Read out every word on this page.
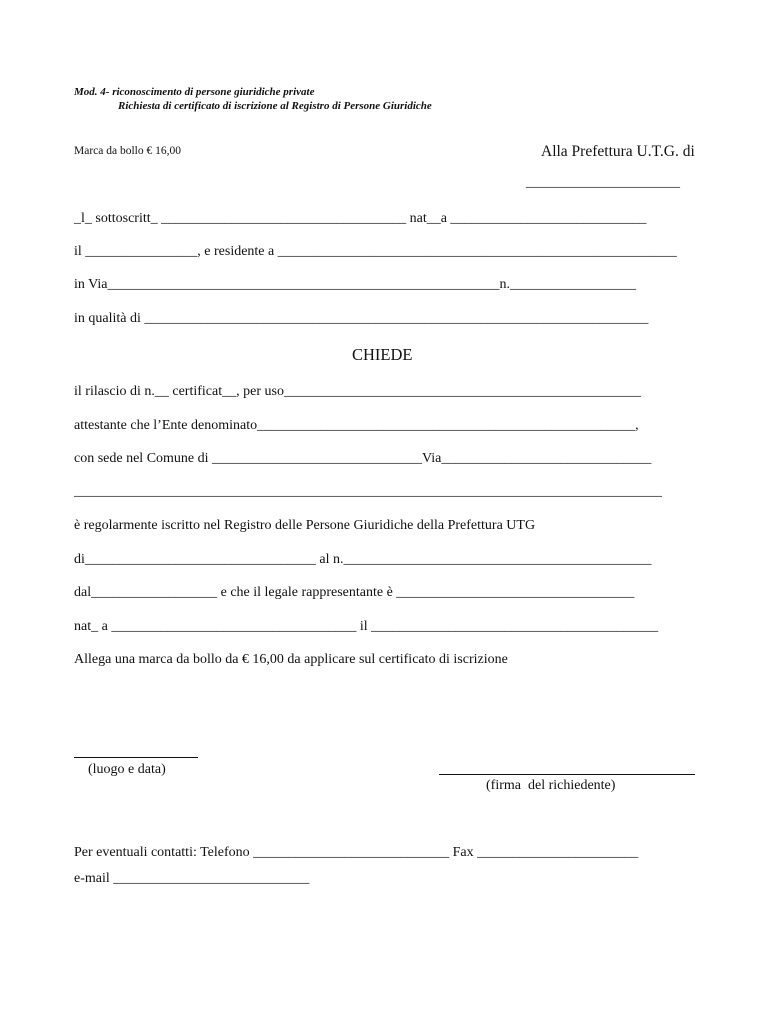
Mod. 4- riconoscimento di persone giuridiche private
Richiesta di certificato di iscrizione al Registro di Persone Giuridiche
Marca da bollo € 16,00	Alla Prefettura U.T.G. di
______________________
_l_ sottoscritt_ ___________________________________ nat__a ____________________________
il ________________, e residente a _________________________________________________________
in Via________________________________________________________n.__________________
in qualità di ________________________________________________________________________
CHIEDE
il rilascio di n.__ certificat__, per uso___________________________________________________
attestante che l’Ente denominato______________________________________________________,
con sede nel Comune di ______________________________Via______________________________
____________________________________________________________________________________
è regolarmente iscritto nel Registro delle Persone Giuridiche della Prefettura UTG
di_________________________________ al n.____________________________________________
dal__________________ e che il legale rappresentante è __________________________________
nat_ a ___________________________________ il _________________________________________
Allega una marca da bollo da € 16,00 da applicare sul certificato di iscrizione
(luogo e data)
(firma  del richiedente)
Per eventuali contatti: Telefono ____________________________ Fax _______________________
e-mail ____________________________
